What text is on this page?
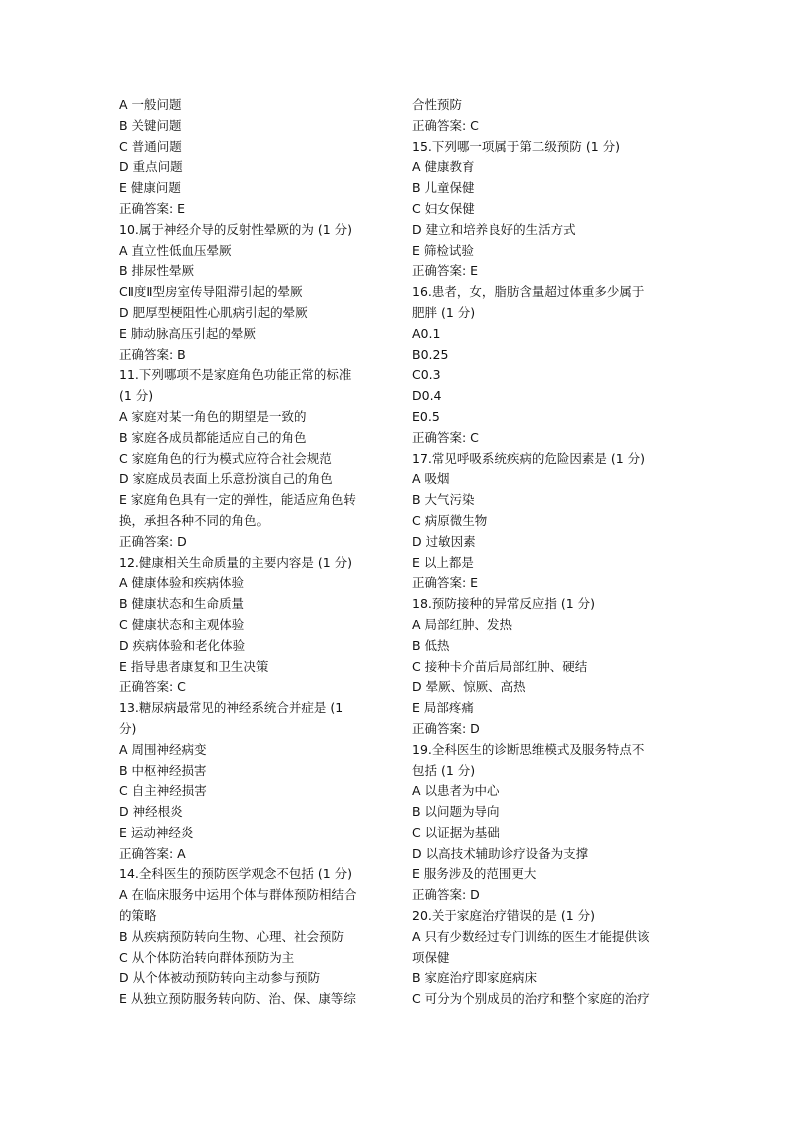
A 一般问题
B 关键问题
C 普通问题
D 重点问题
E 健康问题
正确答案: E
10.属于神经介导的反射性晕厥的为 (1 分)
A 直立性低血压晕厥
B 排尿性晕厥
CⅡ度Ⅱ型房室传导阻滞引起的晕厥
D 肥厚型梗阻性心肌病引起的晕厥
E 肺动脉高压引起的晕厥
正确答案: B
11.下列哪项不是家庭角色功能正常的标准
(1 分)
A 家庭对某一角色的期望是一致的
B 家庭各成员都能适应自己的角色
C 家庭角色的行为模式应符合社会规范
D 家庭成员表面上乐意扮演自己的角色
E 家庭角色具有一定的弹性，能适应角色转
换，承担各种不同的角色。
正确答案: D
12.健康相关生命质量的主要内容是 (1 分)
A 健康体验和疾病体验
B 健康状态和生命质量
C 健康状态和主观体验
D 疾病体验和老化体验
E 指导患者康复和卫生决策
正确答案: C
13.糖尿病最常见的神经系统合并症是 (1
分)
A 周围神经病变
B 中枢神经损害
C 自主神经损害
D 神经根炎
E 运动神经炎
正确答案: A
14.全科医生的预防医学观念不包括 (1 分)
A 在临床服务中运用个体与群体预防相结合
的策略
B 从疾病预防转向生物、心理、社会预防
C 从个体防治转向群体预防为主
D 从个体被动预防转向主动参与预防
E 从独立预防服务转向防、治、保、康等综
合性预防
正确答案: C
15.下列哪一项属于第二级预防 (1 分)
A 健康教育
B 儿童保健
C 妇女保健
D 建立和培养良好的生活方式
E 筛检试验
正确答案: E
16.患者，女，脂肪含量超过体重多少属于
肥胖 (1 分)
A0.1
B0.25
C0.3
D0.4
E0.5
正确答案: C
17.常见呼吸系统疾病的危险因素是 (1 分)
A 吸烟
B 大气污染
C 病原微生物
D 过敏因素
E 以上都是
正确答案: E
18.预防接种的异常反应指 (1 分)
A 局部红肿、发热
B 低热
C 接种卡介苗后局部红肿、硬结
D 晕厥、惊厥、高热
E 局部疼痛
正确答案: D
19.全科医生的诊断思维模式及服务特点不
包括 (1 分)
A 以患者为中心
B 以问题为导向
C 以证据为基础
D 以高技术辅助诊疗设备为支撑
E 服务涉及的范围更大
正确答案: D
20.关于家庭治疗错误的是 (1 分)
A 只有少数经过专门训练的医生才能提供该
项保健
B 家庭治疗即家庭病床
C 可分为个别成员的治疗和整个家庭的治疗
